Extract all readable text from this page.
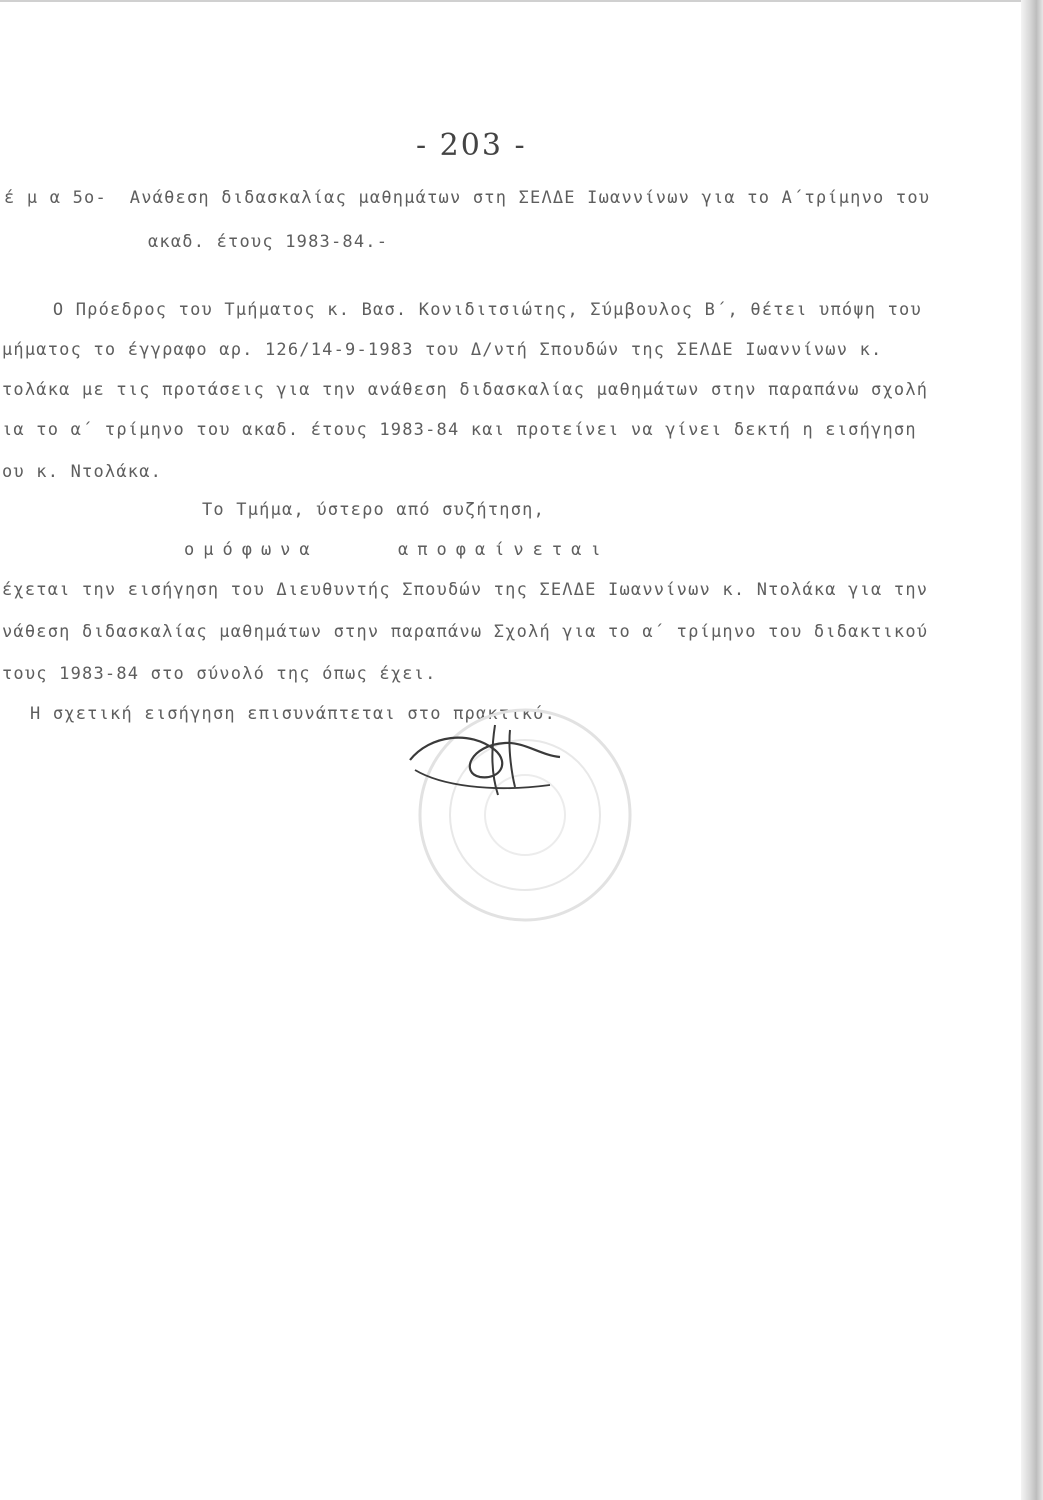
- 203 -
έ μ α 5ο-  Ανάθεση διδασκαλίας μαθημάτων στη ΣΕΛΔΕ Ιωαννίνων για το Α΄τρίμηνο του
ακαδ. έτους 1983-84.-
Ο Πρόεδρος του Τμήματος κ. Βασ. Κονιδιτσιώτης, Σύμβουλος Β΄, θέτει υπόψη του
μήματος το έγγραφο αρ. 126/14-9-1983 του Δ/ντή Σπουδών της ΣΕΛΔΕ Ιωαννίνων κ.
τολάκα με τις προτάσεις για την ανάθεση διδασκαλίας μαθημάτων στην παραπάνω σχολή
ια το α΄ τρίμηνο του ακαδ. έτους 1983-84 και προτείνει να γίνει δεκτή η εισήγηση
ου κ. Ντολάκα.
Το Τμήμα, ύστερο από συζήτηση,
ομόφωνα	αποφαίνεται
έχεται την εισήγηση του Διευθυντής Σπουδών της ΣΕΛΔΕ Ιωαννίνων κ. Ντολάκα για την
νάθεση διδασκαλίας μαθημάτων στην παραπάνω Σχολή για το α΄ τρίμηνο του διδακτικού
τους 1983-84 στο σύνολό της όπως έχει.
Η σχετική εισήγηση επισυνάπτεται στο πρακτικό.
